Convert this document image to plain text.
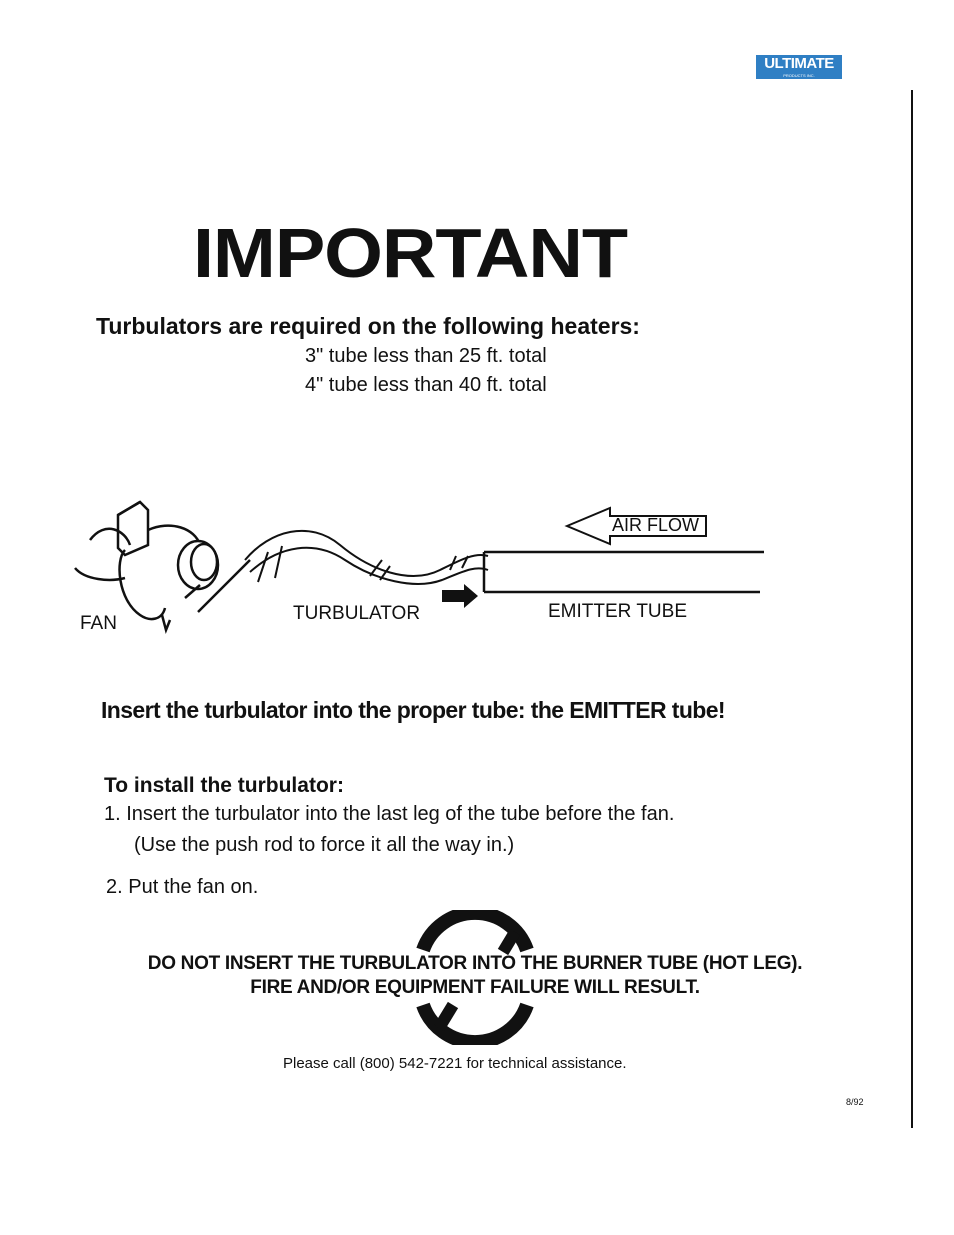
ULTIMATE
PRODUCTS INC.
IMPORTANT

Turbulators are required on the following heaters:

3" tube less than 25 ft. total
4" tube less than 40 ft. total
AIR FLOW
FAN	TURBULATOR	EMITTER TUBE

Insert the turbulator into the proper tube: the EMITTER tube!

To install the turbulator:
1. Insert the turbulator into the last leg of the tube before the fan.
(Use the push rod to force it all the way in.)
2. Put the fan on.
DO NOT INSERT THE TURBULATOR INTO THE BURNER TUBE (HOT LEG).
FIRE AND/OR EQUIPMENT FAILURE WILL RESULT.
Please call (800) 542-7221 for technical assistance.
8/92
